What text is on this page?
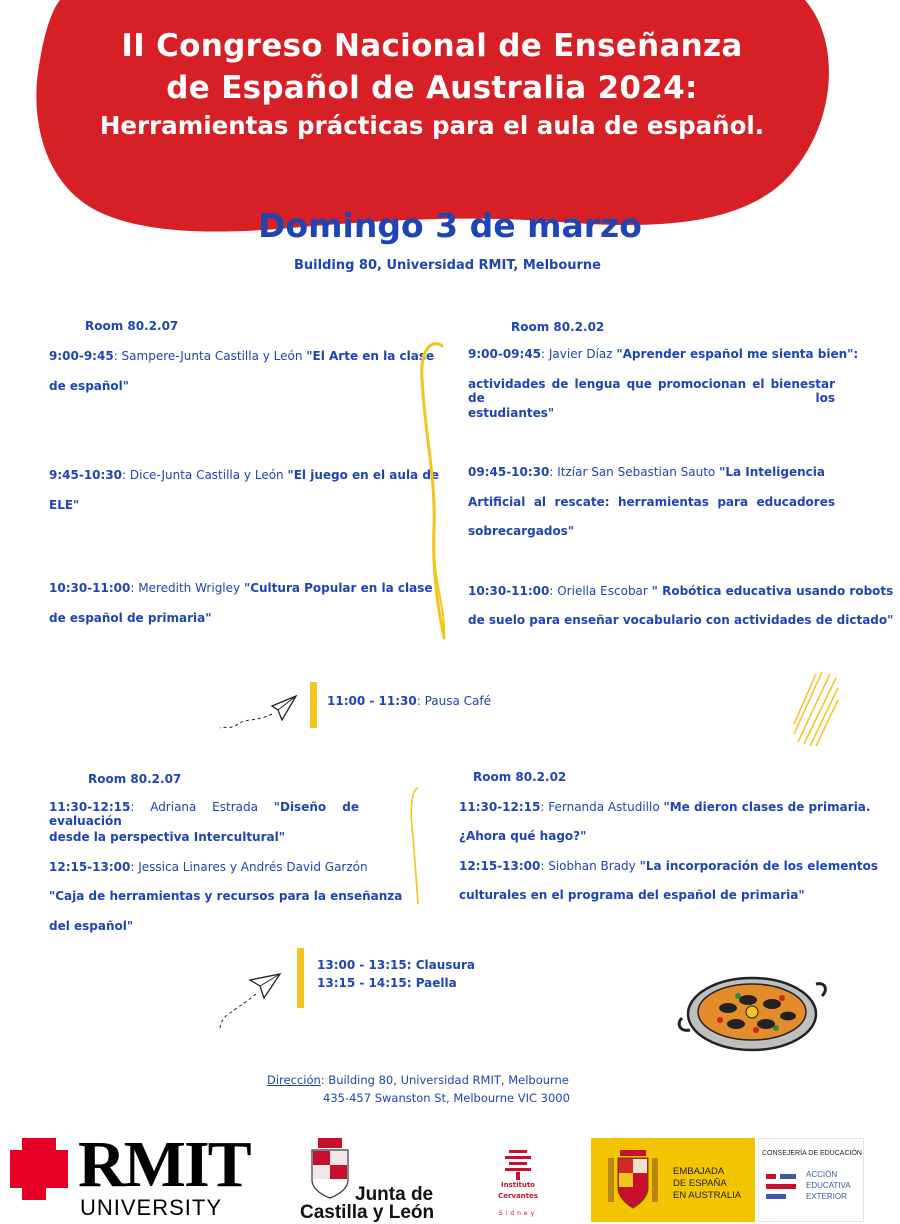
II Congreso Nacional de Enseñanza
de Español de Australia 2024:
Herramientas prácticas para el aula de español.
Domingo 3 de marzo
Building 80, Universidad RMIT, Melbourne
Room 80.2.07	Room 80.2.02
9:00-9:45: Sampere-Junta Castilla y León "El Arte en la clase
de español"
9:45-10:30: Dice-Junta Castilla y León "El juego en el aula de
ELE"
10:30-11:00: Meredith Wrigley "Cultura Popular en la clase
de español de primaria"
9:00-09:45: Javier Díaz "Aprender español me sienta bien":
actividades de lengua que promocionan el bienestar de los
estudiantes"
09:45-10:30: Itzíar San Sebastian Sauto "La Inteligencia
Artificial al rescate: herramientas para educadores
sobrecargados"
10:30-11:00: Oriella Escobar " Robótica educativa usando robots
de suelo para enseñar vocabulario con actividades de dictado"
11:00 - 11:30: Pausa Café
Room 80.2.07	Room 80.2.02
11:30-12:15: Adriana Estrada "Diseño de evaluación
desde la perspectiva Intercultural"
12:15-13:00: Jessica Linares y Andrés David Garzón
"Caja de herramientas y recursos para la enseñanza
del español"
11:30-12:15: Fernanda Astudillo "Me dieron clases de primaria.
¿Ahora qué hago?"
12:15-13:00: Siobhan Brady "La incorporación de los elementos
culturales en el programa del español de primaria"
13:00 - 13:15: Clausura
13:15 - 14:15: Paella
Dirección: Building 80, Universidad RMIT, Melbourne
435-457 Swanston St, Melbourne VIC 3000
RMIT
UNIVERSITY
Junta de
Castilla y León
Instituto
Cervantes
Sidney
EMBAJADA
DE ESPAÑA
EN AUSTRALIA
CONSEJERÍA DE EDUCACIÓN
ACCIÓN
EDUCATIVA
EXTERIOR
